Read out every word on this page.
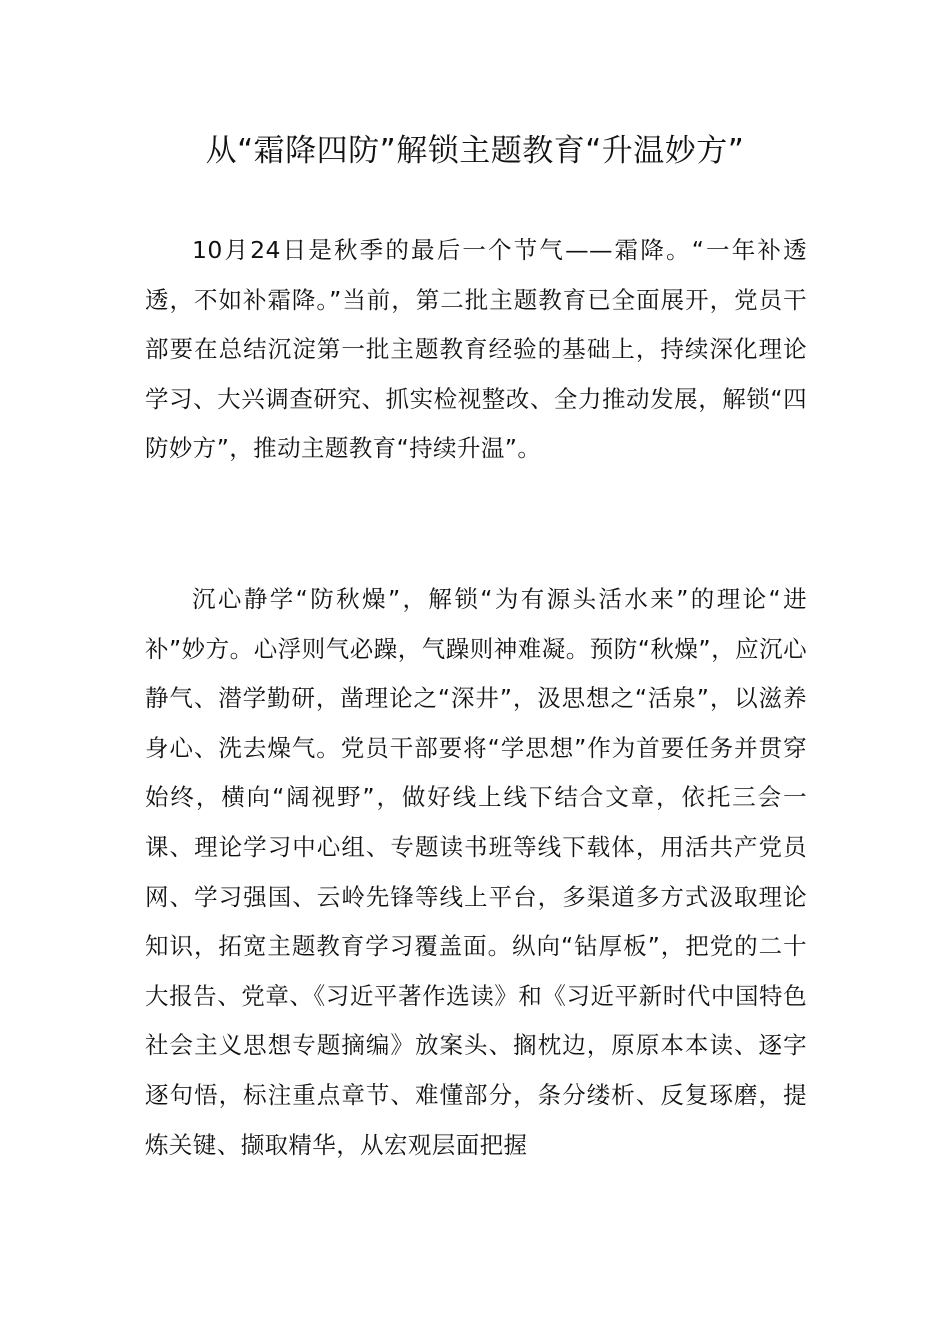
从“霜降四防”解锁主题教育“升温妙方”

10月24日是秋季的最后一个节气——霜降。“一年补透透，不如补霜降。”当前，第二批主题教育已全面展开，党员干部要在总结沉淀第一批主题教育经验的基础上，持续深化理论学习、大兴调查研究、抓实检视整改、全力推动发展，解锁“四防妙方”，推动主题教育“持续升温”。

沉心静学“防秋燥”，解锁“为有源头活水来”的理论“进补”妙方。心浮则气必躁，气躁则神难凝。预防“秋燥”，应沉心静气、潜学勤研，凿理论之“深井”，汲思想之“活泉”，以滋养身心、洗去燥气。党员干部要将“学思想”作为首要任务并贯穿始终，横向“阔视野”，做好线上线下结合文章，依托三会一课、理论学习中心组、专题读书班等线下载体，用活共产党员网、学习强国、云岭先锋等线上平台，多渠道多方式汲取理论知识，拓宽主题教育学习覆盖面。纵向“钻厚板”，把党的二十大报告、党章、《习近平著作选读》和《习近平新时代中国特色社会主义思想专题摘编》放案头、搁枕边，原原本本读、逐字逐句悟，标注重点章节、难懂部分，条分缕析、反复琢磨，提炼关键、撷取精华，从宏观层面把握
